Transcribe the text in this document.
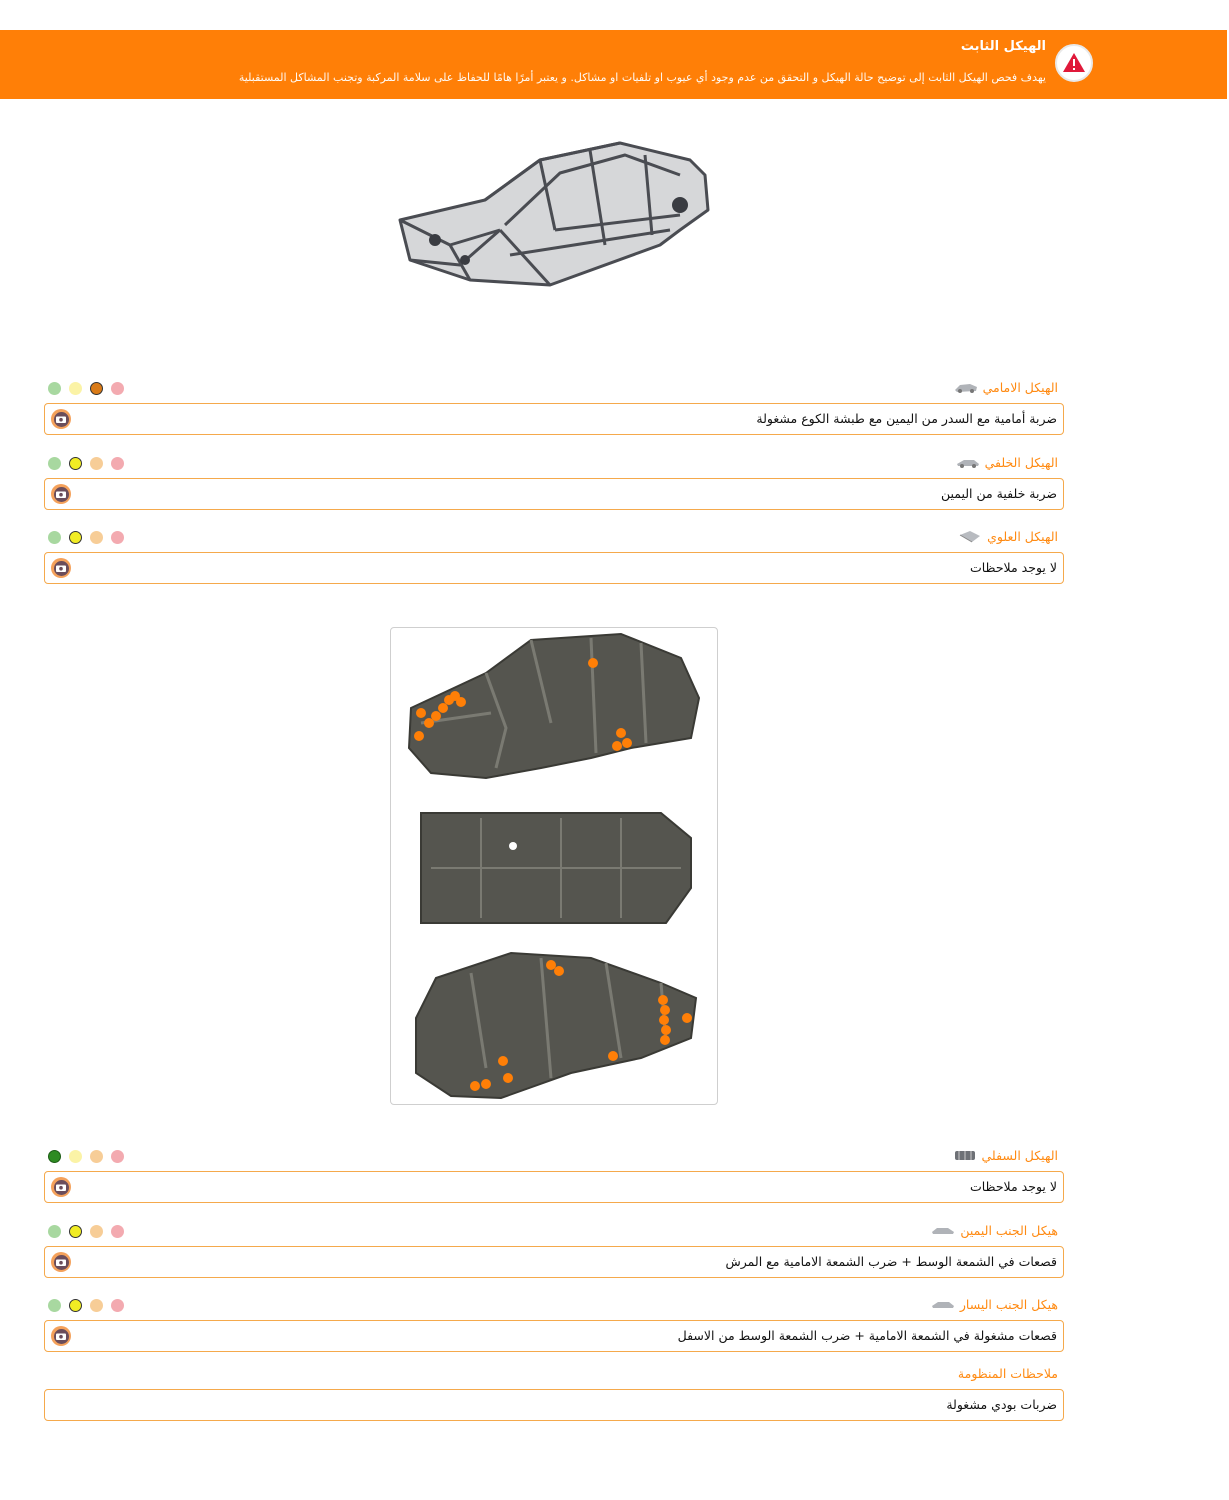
الهيكل الثابت
يهدف فحص الهيكل الثابت إلى توضيح حالة الهيكل و التحقق من عدم وجود أي عيوب او تلفيات او مشاكل. و يعتبر أمرًا هامًا للحفاظ على سلامة المركبة وتجنب المشاكل المستقبلية
الهيكل الامامي
ضربة أمامية مع السدر من اليمين مع طبشة الكوع مشغولة
الهيكل الخلفي
ضربة خلفية من اليمين
الهيكل العلوي
لا يوجد ملاحظات
الهيكل السفلي
لا يوجد ملاحظات
هيكل الجنب اليمين
قصعات في الشمعة الوسط + ضرب الشمعة الامامية مع المرش
هيكل الجنب اليسار
قصعات مشغولة في الشمعة الامامية + ضرب الشمعة الوسط من الاسفل
ملاحظات المنظومة
ضربات بودي مشغولة
